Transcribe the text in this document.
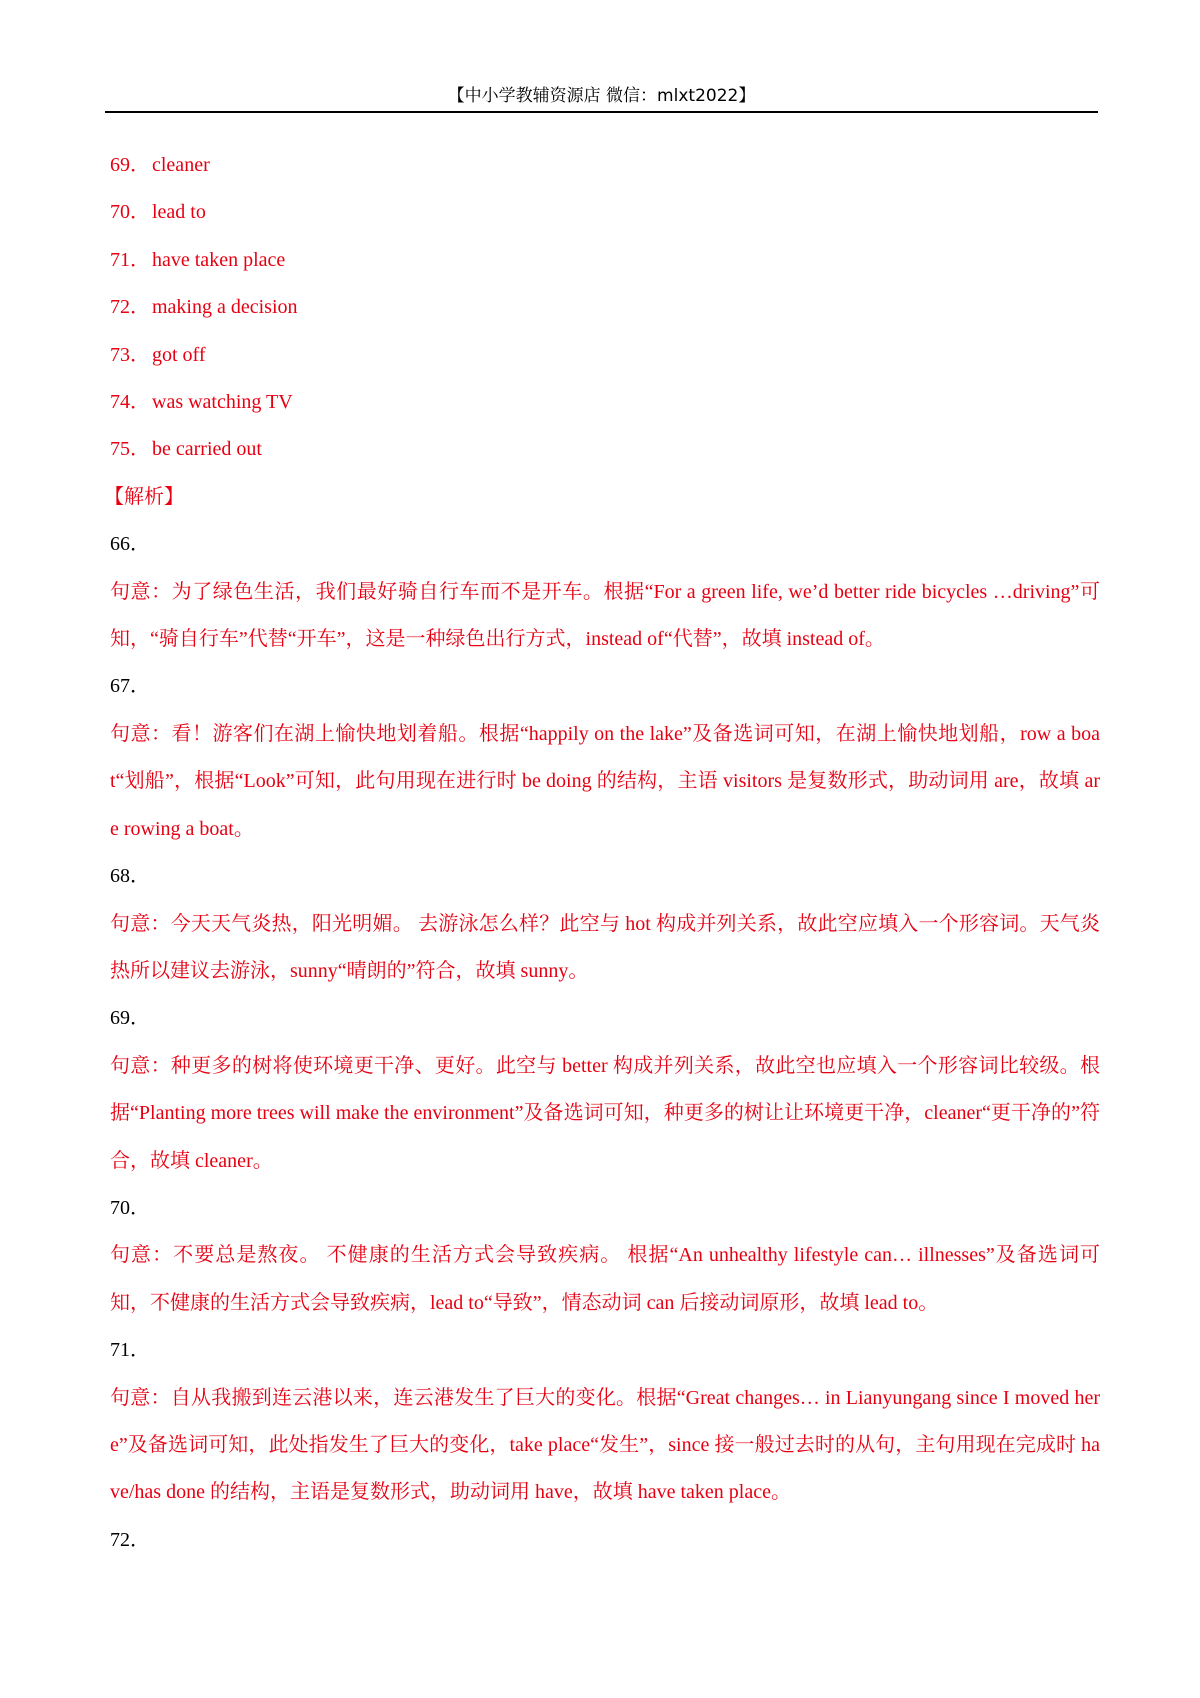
【中小学教辅资源店 微信：mlxt2022】

69． cleaner

70． lead to

71． have taken place

72． making a decision

73． got off

74． was watching TV

75． be carried out

【解析】

66．

句意：为了绿色生活，我们最好骑自行车而不是开车。根据“For a green life, we’d better ride bicycles …driving”可知，“骑自行车”代替“开车”，这是一种绿色出行方式，instead of“代替”，故填 instead of。

67．

句意：看！游客们在湖上愉快地划着船。根据“happily on the lake”及备选词可知，在湖上愉快地划船，row a boat“划船”，根据“Look”可知，此句用现在进行时 be doing 的结构，主语 visitors 是复数形式，助动词用 are，故填 are rowing a boat。

68．

句意：今天天气炎热，阳光明媚。 去游泳怎么样？此空与 hot 构成并列关系，故此空应填入一个形容词。天气炎热所以建议去游泳，sunny“晴朗的”符合，故填 sunny。

69．

句意：种更多的树将使环境更干净、更好。此空与 better 构成并列关系，故此空也应填入一个形容词比较级。根据“Planting more trees will make the environment”及备选词可知，种更多的树让让环境更干净，cleaner“更干净的”符合，故填 cleaner。

70．

句意：不要总是熬夜。 不健康的生活方式会导致疾病。 根据“An unhealthy lifestyle can… illnesses”及备选词可知，不健康的生活方式会导致疾病，lead to“导致”，情态动词 can 后接动词原形，故填 lead to。

71．

句意：自从我搬到连云港以来，连云港发生了巨大的变化。根据“Great changes… in Lianyungang since I moved here”及备选词可知，此处指发生了巨大的变化，take place“发生”，since 接一般过去时的从句，主句用现在完成时 have/has done 的结构，主语是复数形式，助动词用 have，故填 have taken place。

72．
